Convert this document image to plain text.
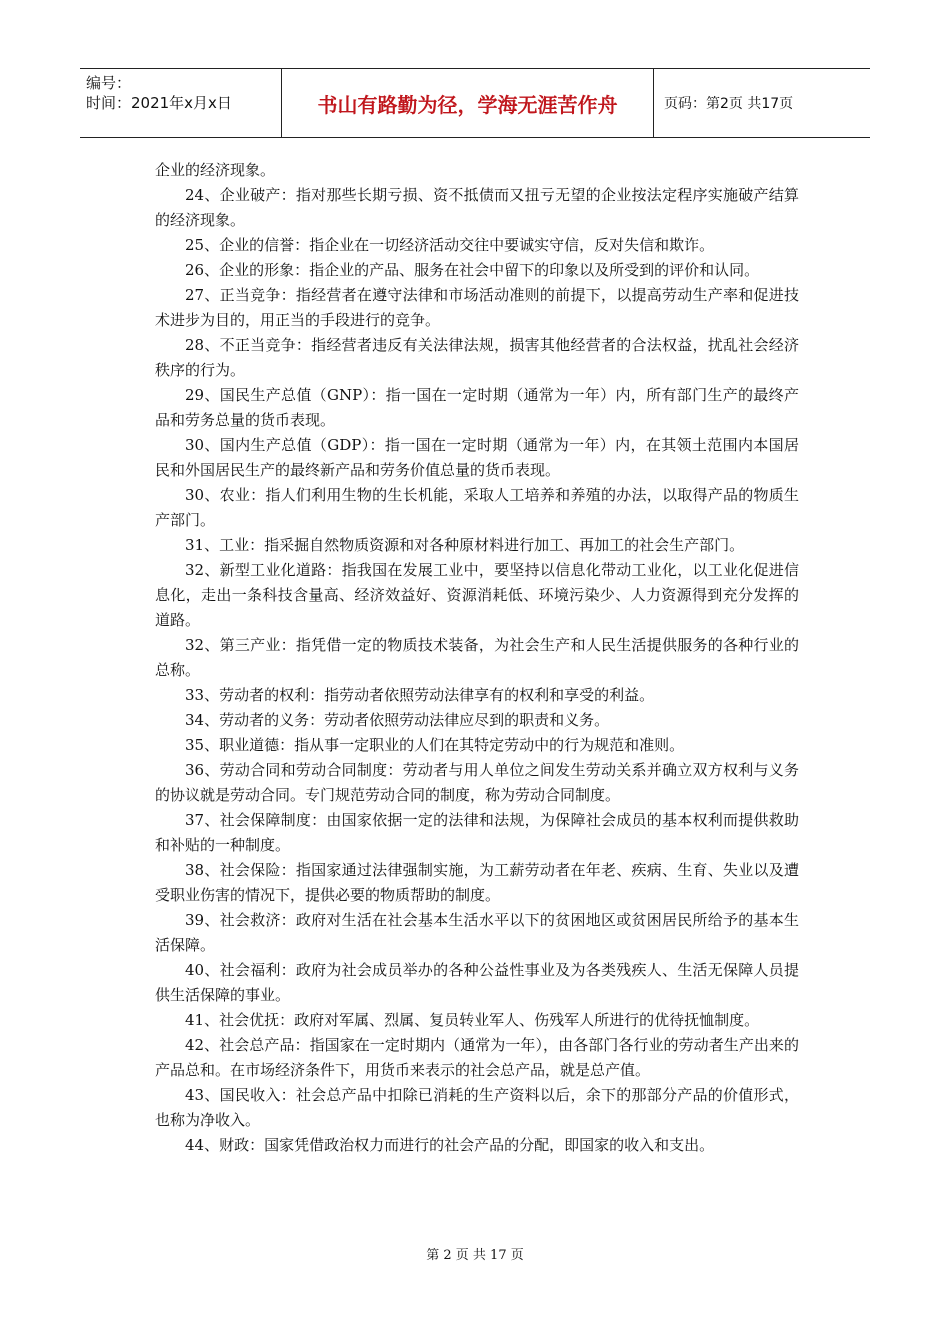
编号：
时间：2021年x月x日	书山有路勤为径，学海无涯苦作舟	页码：第2页 共17页

企业的经济现象。

24、企业破产：指对那些长期亏损、资不抵债而又扭亏无望的企业按法定程序实施破产结算的经济现象。

25、企业的信誉：指企业在一切经济活动交往中要诚实守信，反对失信和欺诈。

26、企业的形象：指企业的产品、服务在社会中留下的印象以及所受到的评价和认同。

27、正当竞争：指经营者在遵守法律和市场活动准则的前提下，以提高劳动生产率和促进技术进步为目的，用正当的手段进行的竞争。

28、不正当竞争：指经营者违反有关法律法规，损害其他经营者的合法权益，扰乱社会经济秩序的行为。

29、国民生产总值（GNP）：指一国在一定时期（通常为一年）内，所有部门生产的最终产品和劳务总量的货币表现。

30、国内生产总值（GDP）：指一国在一定时期（通常为一年）内，在其领土范围内本国居民和外国居民生产的最终新产品和劳务价值总量的货币表现。

30、农业：指人们利用生物的生长机能，采取人工培养和养殖的办法，以取得产品的物质生产部门。

31、工业：指采掘自然物质资源和对各种原材料进行加工、再加工的社会生产部门。

32、新型工业化道路：指我国在发展工业中，要坚持以信息化带动工业化，以工业化促进信息化，走出一条科技含量高、经济效益好、资源消耗低、环境污染少、人力资源得到充分发挥的道路。

32、第三产业：指凭借一定的物质技术装备，为社会生产和人民生活提供服务的各种行业的总称。

33、劳动者的权利：指劳动者依照劳动法律享有的权利和享受的利益。

34、劳动者的义务：劳动者依照劳动法律应尽到的职责和义务。

35、职业道德：指从事一定职业的人们在其特定劳动中的行为规范和准则。

36、劳动合同和劳动合同制度：劳动者与用人单位之间发生劳动关系并确立双方权利与义务的协议就是劳动合同。专门规范劳动合同的制度，称为劳动合同制度。

37、社会保障制度：由国家依据一定的法律和法规，为保障社会成员的基本权利而提供救助和补贴的一种制度。

38、社会保险：指国家通过法律强制实施，为工薪劳动者在年老、疾病、生育、失业以及遭受职业伤害的情况下，提供必要的物质帮助的制度。

39、社会救济：政府对生活在社会基本生活水平以下的贫困地区或贫困居民所给予的基本生活保障。

40、社会福利：政府为社会成员举办的各种公益性事业及为各类残疾人、生活无保障人员提供生活保障的事业。

41、社会优抚：政府对军属、烈属、复员转业军人、伤残军人所进行的优待抚恤制度。

42、社会总产品：指国家在一定时期内（通常为一年），由各部门各行业的劳动者生产出来的产品总和。在市场经济条件下，用货币来表示的社会总产品，就是总产值。

43、国民收入：社会总产品中扣除已消耗的生产资料以后，余下的那部分产品的价值形式，也称为净收入。

44、财政：国家凭借政治权力而进行的社会产品的分配，即国家的收入和支出。

第 2 页 共 17 页
